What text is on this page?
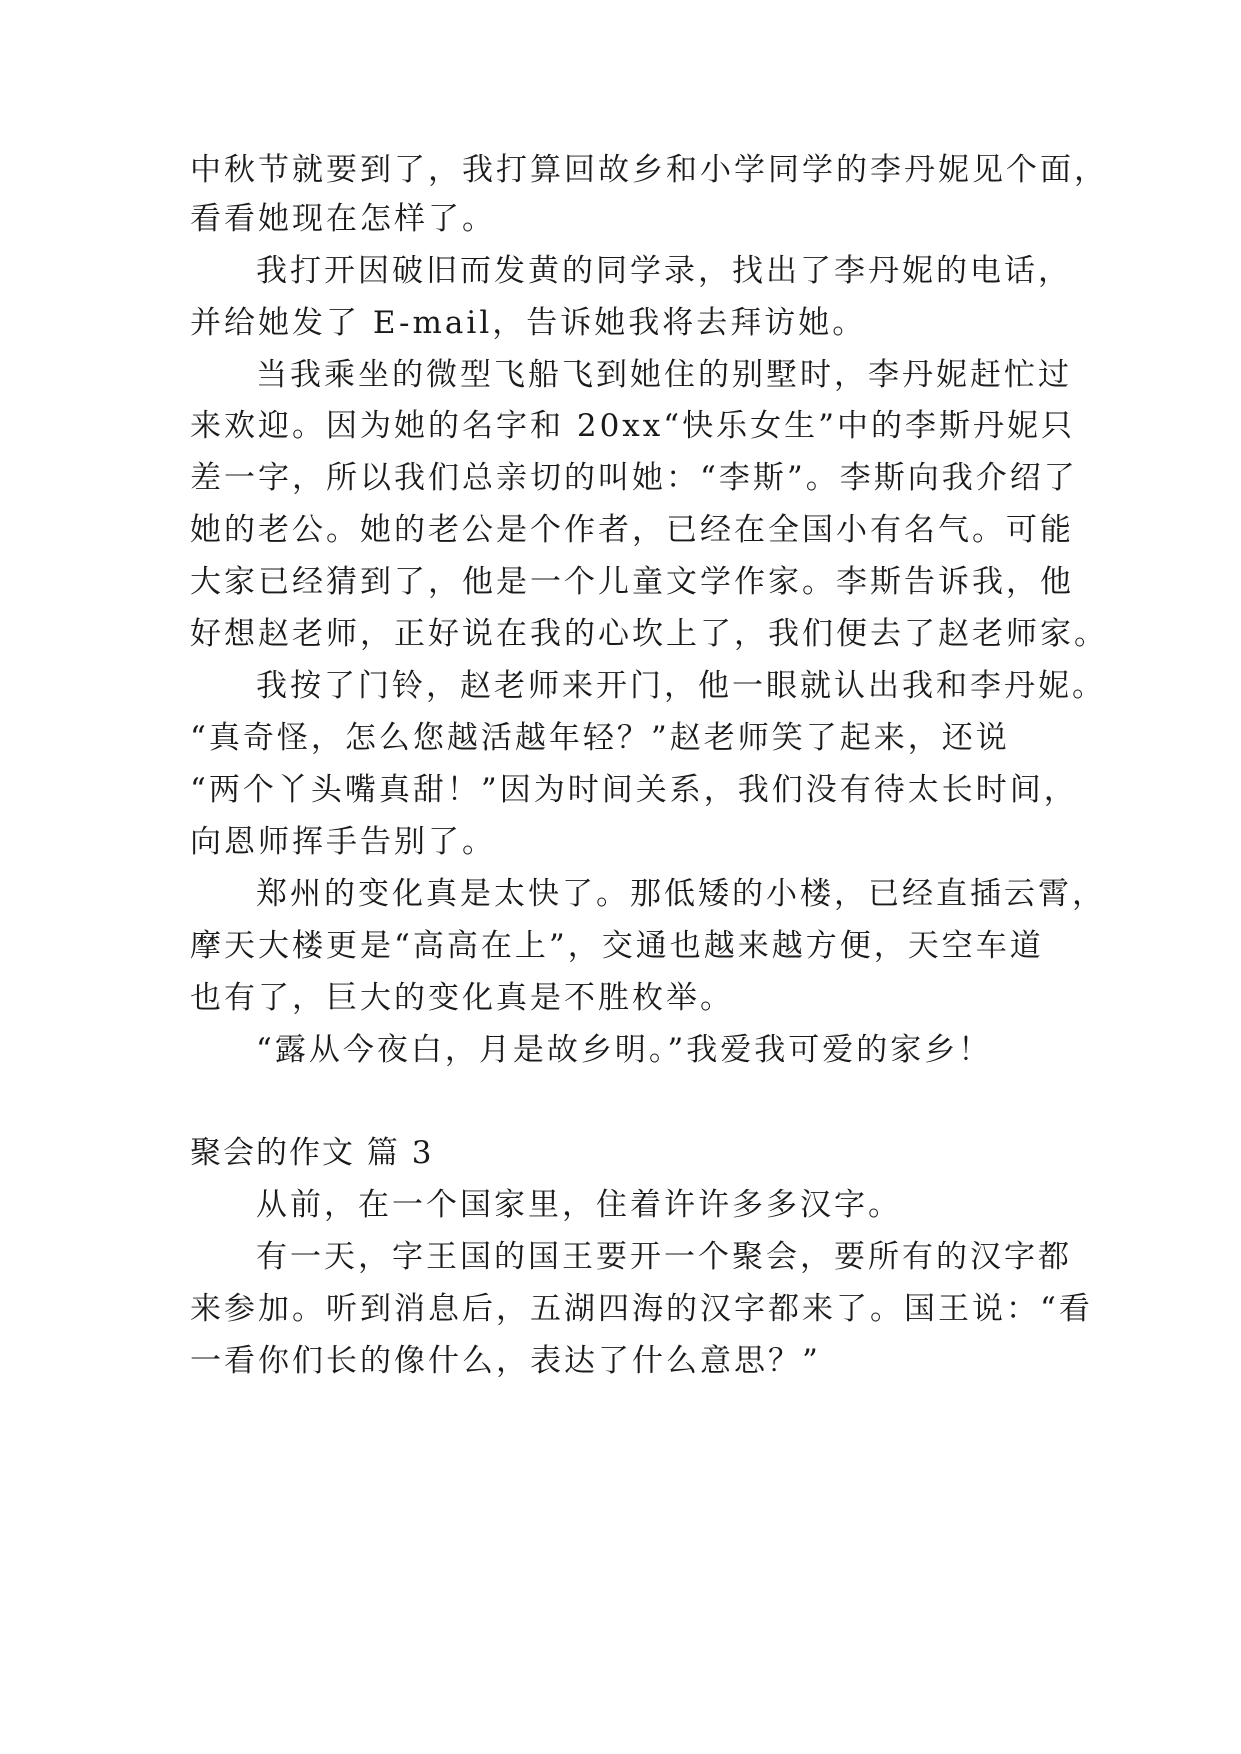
中秋节就要到了，我打算回故乡和小学同学的李丹妮见个面，
看看她现在怎样了。
我打开因破旧而发黄的同学录，找出了李丹妮的电话，
并给她发了 E-mail，告诉她我将去拜访她。
当我乘坐的微型飞船飞到她住的别墅时，李丹妮赶忙过
来欢迎。因为她的名字和 20xx“快乐女生”中的李斯丹妮只
差一字，所以我们总亲切的叫她：“李斯”。李斯向我介绍了
她的老公。她的老公是个作者，已经在全国小有名气。可能
大家已经猜到了，他是一个儿童文学作家。李斯告诉我，他
好想赵老师，正好说在我的心坎上了，我们便去了赵老师家。
我按了门铃，赵老师来开门，他一眼就认出我和李丹妮。
“真奇怪，怎么您越活越年轻？”赵老师笑了起来，还说
“两个丫头嘴真甜！”因为时间关系，我们没有待太长时间，
向恩师挥手告别了。
郑州的变化真是太快了。那低矮的小楼，已经直插云霄，
摩天大楼更是“高高在上”，交通也越来越方便，天空车道
也有了，巨大的变化真是不胜枚举。
“露从今夜白，月是故乡明。”我爱我可爱的家乡！
聚会的作文 篇 3
从前，在一个国家里，住着许许多多汉字。
有一天，字王国的国王要开一个聚会，要所有的汉字都
来参加。听到消息后，五湖四海的汉字都来了。国王说：“看
一看你们长的像什么，表达了什么意思？”
